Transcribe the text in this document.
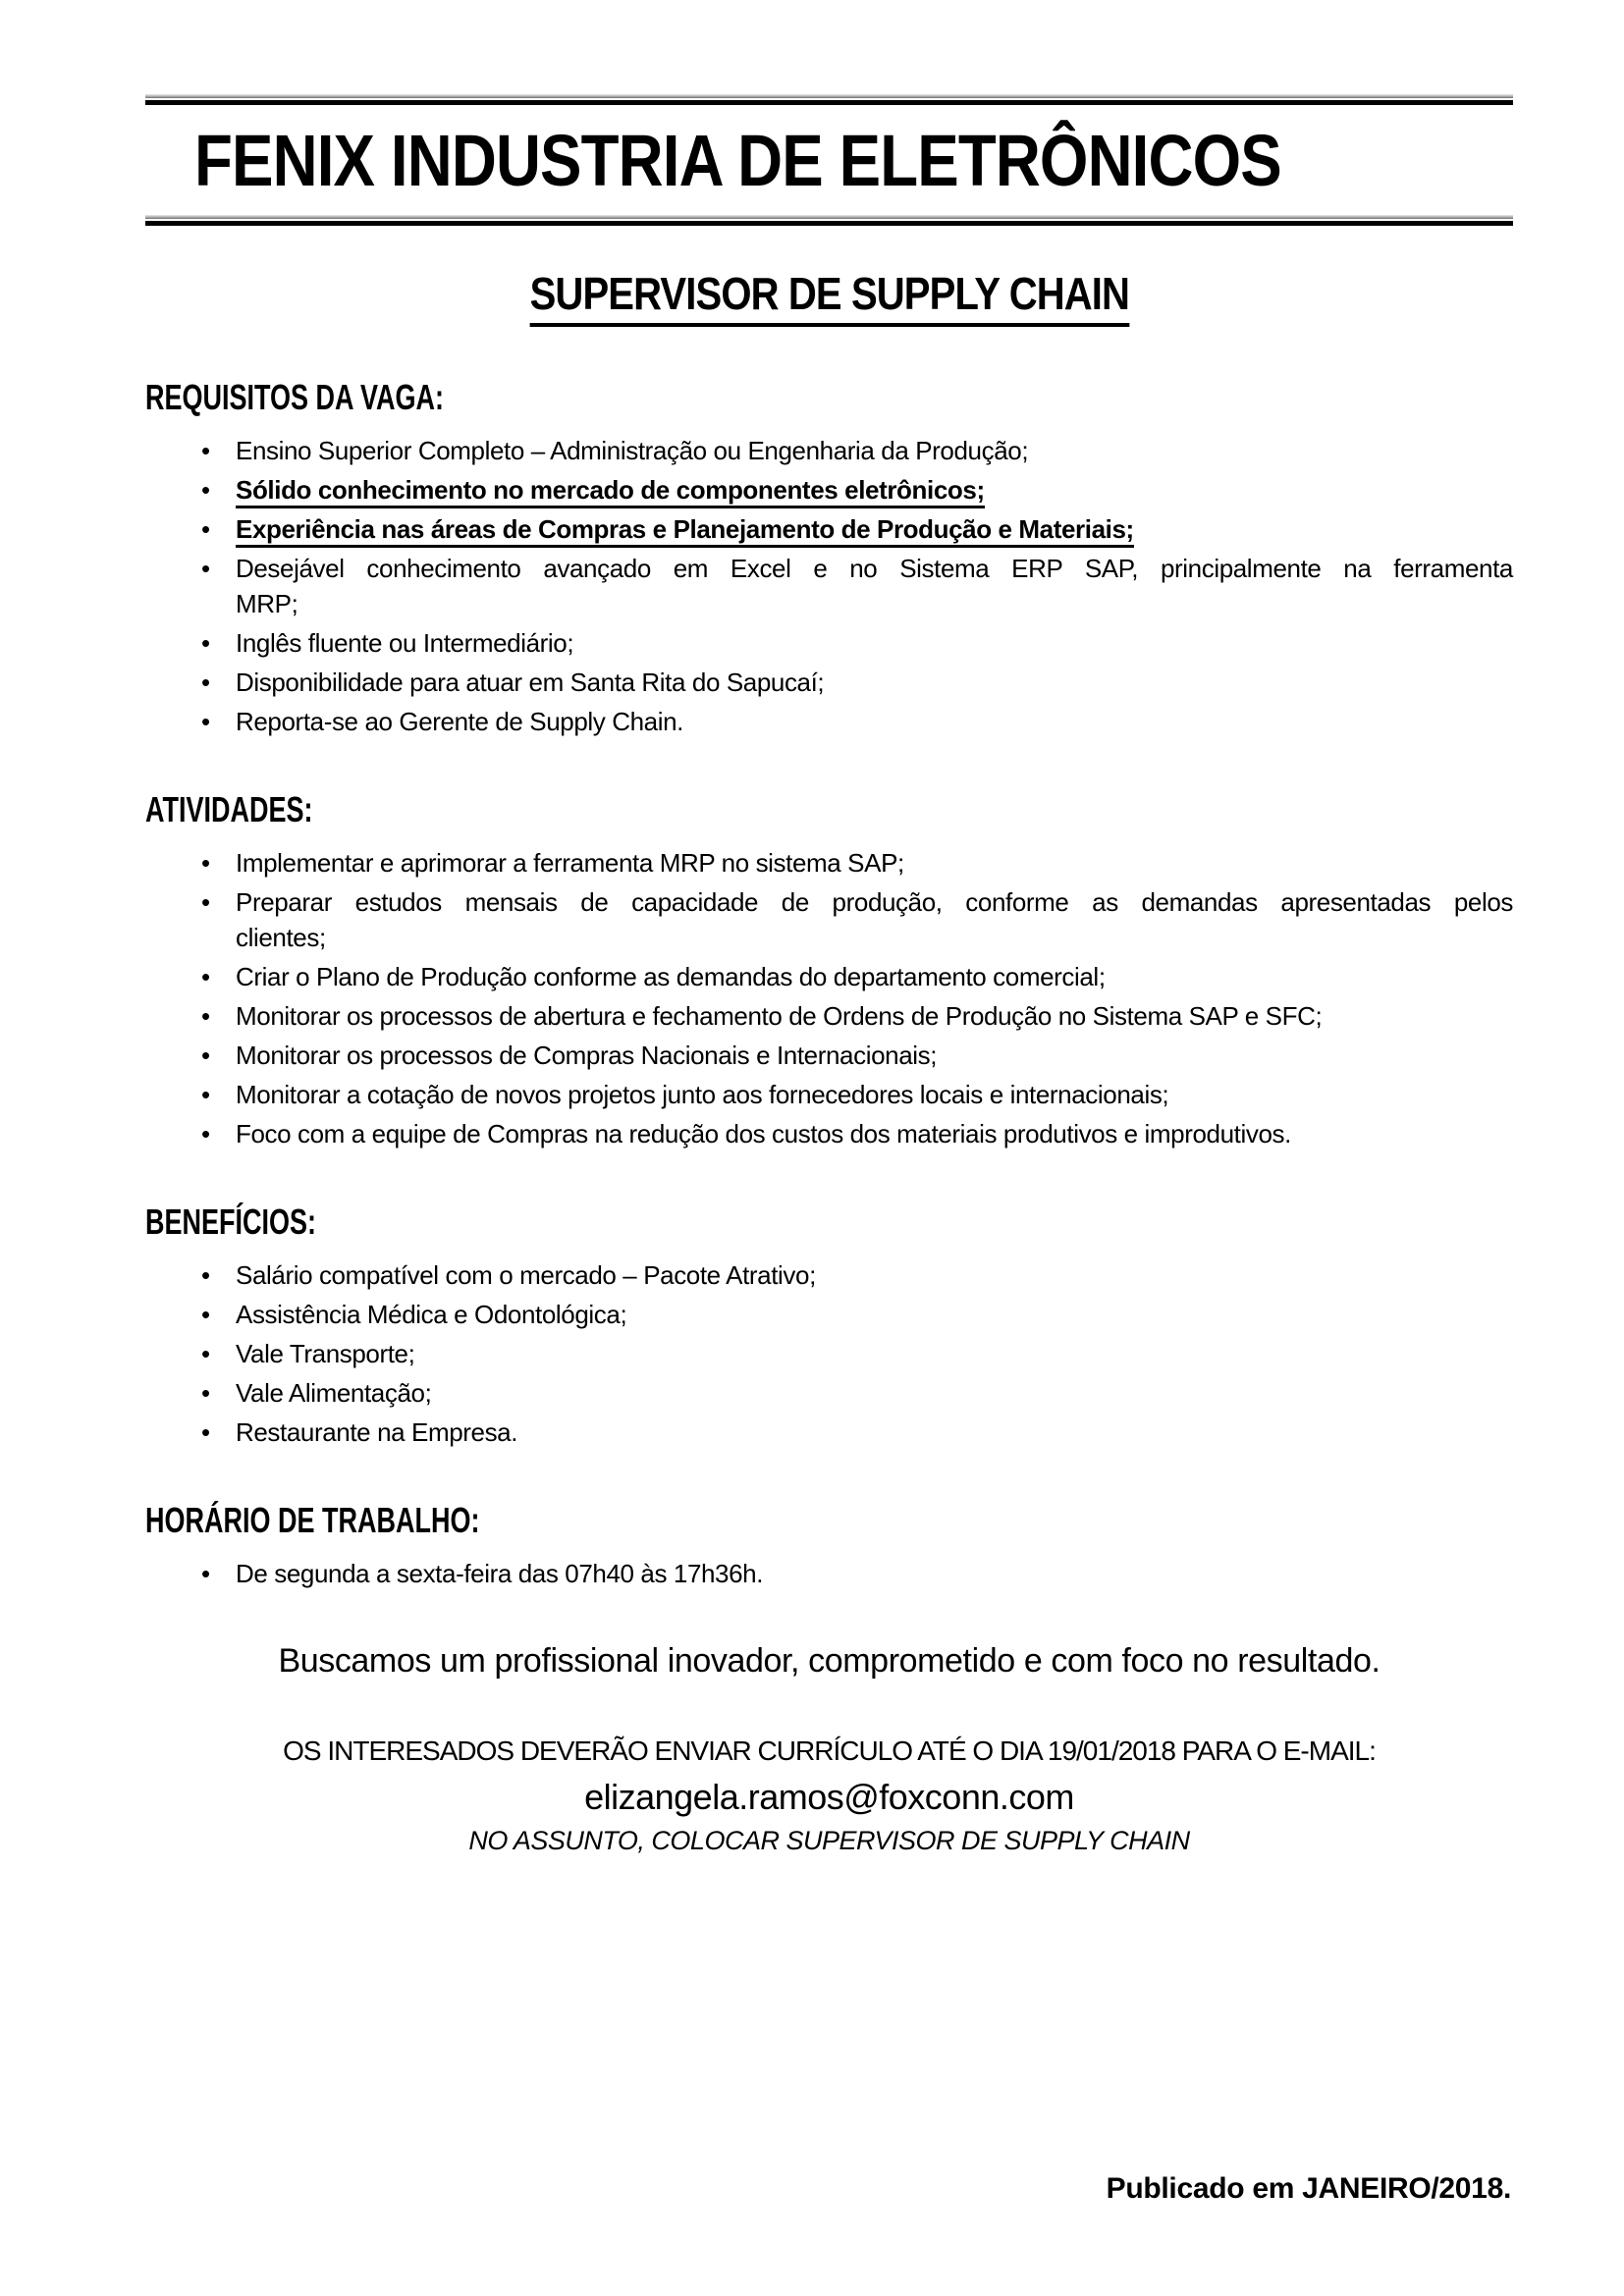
FENIX INDUSTRIA DE ELETRÔNICOS
SUPERVISOR DE SUPPLY CHAIN
REQUISITOS DA VAGA:
• Ensino Superior Completo – Administração ou Engenharia da Produção;
• Sólido conhecimento no mercado de componentes eletrônicos;
• Experiência nas áreas de Compras e Planejamento de Produção e Materiais;
• Desejável conhecimento avançado em Excel e no Sistema ERP SAP, principalmente na ferramenta
MRP;
• Inglês fluente ou Intermediário;
• Disponibilidade para atuar em Santa Rita do Sapucaí;
• Reporta-se ao Gerente de Supply Chain.
ATIVIDADES:
• Implementar e aprimorar a ferramenta MRP no sistema SAP;
• Preparar estudos mensais de capacidade de produção, conforme as demandas apresentadas pelos
clientes;
• Criar o Plano de Produção conforme as demandas do departamento comercial;
• Monitorar os processos de abertura e fechamento de Ordens de Produção no Sistema SAP e SFC;
• Monitorar os processos de Compras Nacionais e Internacionais;
• Monitorar a cotação de novos projetos junto aos fornecedores locais e internacionais;
• Foco com a equipe de Compras na redução dos custos dos materiais produtivos e improdutivos.
BENEFÍCIOS:
• Salário compatível com o mercado – Pacote Atrativo;
• Assistência Médica e Odontológica;
• Vale Transporte;
• Vale Alimentação;
• Restaurante na Empresa.
HORÁRIO DE TRABALHO:
• De segunda a sexta-feira das 07h40 às 17h36h.
Buscamos um profissional inovador, comprometido e com foco no resultado.
OS INTERESADOS DEVERÃO ENVIAR CURRÍCULO ATÉ O DIA 19/01/2018 PARA O E-MAIL:
elizangela.ramos@foxconn.com
NO ASSUNTO, COLOCAR SUPERVISOR DE SUPPLY CHAIN
Publicado em JANEIRO/2018.
